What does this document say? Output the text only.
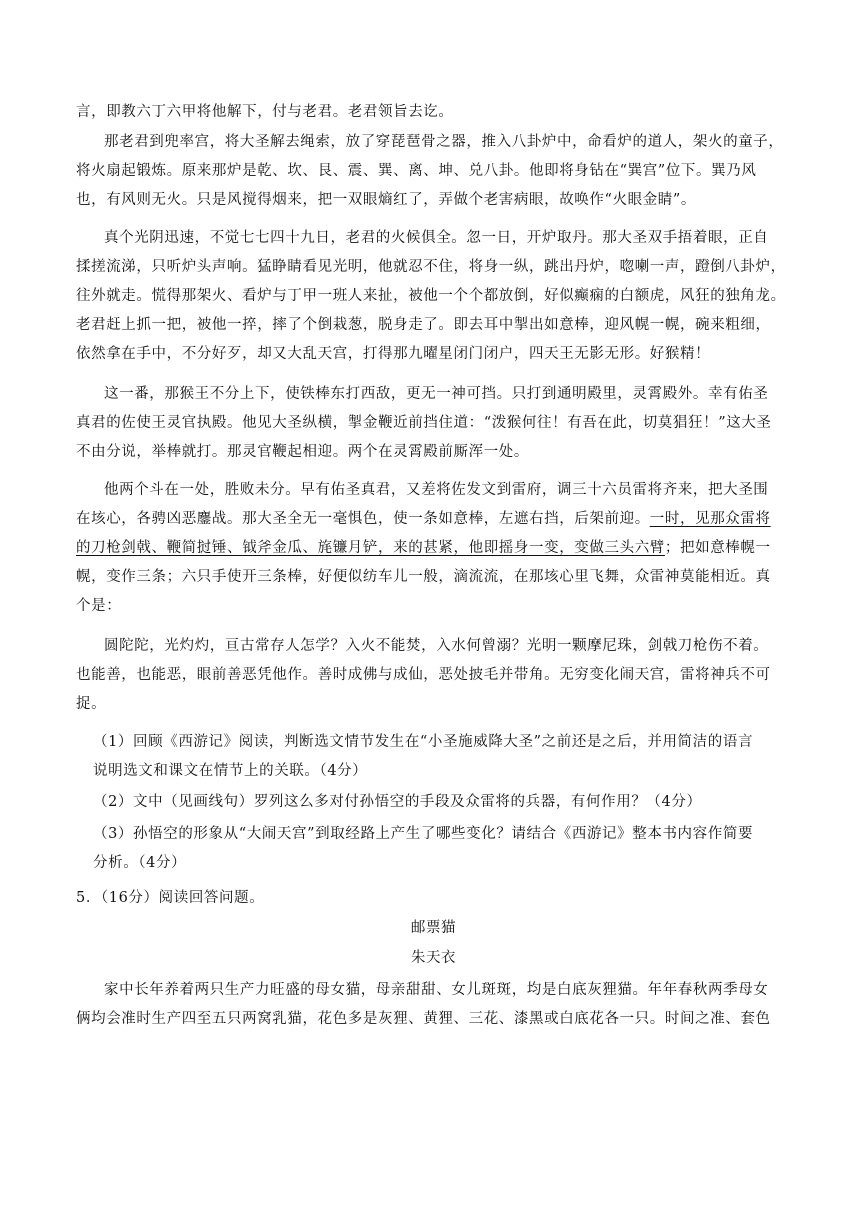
言，即教六丁六甲将他解下，付与老君。老君领旨去讫。
那老君到兜率宫，将大圣解去绳索，放了穿琵琶骨之器，推入八卦炉中，命看炉的道人，架火的童子，
将火扇起锻炼。原来那炉是乾、坎、艮、震、巽、离、坤、兑八卦。他即将身钻在“巽宫”位下。巽乃风
也，有风则无火。只是风搅得烟来，把一双眼熵红了，弄做个老害病眼，故唤作“火眼金睛”。
真个光阴迅速，不觉七七四十九日，老君的火候俱全。忽一日，开炉取丹。那大圣双手捂着眼，正自
揉搓流涕，只听炉头声响。猛睁睛看见光明，他就忍不住，将身一纵，跳出丹炉，唿喇一声，蹬倒八卦炉，
往外就走。慌得那架火、看炉与丁甲一班人来扯，被他一个个都放倒，好似癫痫的白额虎，风狂的独角龙。
老君赶上抓一把，被他一捽，摔了个倒栽葱，脱身走了。即去耳中掣出如意棒，迎风幌一幌，碗来粗细，
依然拿在手中，不分好歹，却又大乱天宫，打得那九曜星闭门闭户，四天王无影无形。好猴精！
这一番，那猴王不分上下，使铁棒东打西敌，更无一神可挡。只打到通明殿里，灵霄殿外。幸有佑圣
真君的佐使王灵官执殿。他见大圣纵横，掣金鞭近前挡住道：“泼猴何往！有吾在此，切莫猖狂！”这大圣
不由分说，举棒就打。那灵官鞭起相迎。两个在灵霄殿前厮浑一处。
他两个斗在一处，胜败未分。早有佑圣真君，又差将佐发文到雷府，调三十六员雷将齐来，把大圣围
在垓心，各骋凶恶鏖战。那大圣全无一毫惧色，使一条如意棒，左遮右挡，后架前迎。一时，见那众雷将
的刀枪剑戟、鞭简挝锤、钺斧金瓜、旄镰月铲，来的甚紧，他即摇身一变，变做三头六臂；把如意棒幌一
幌，变作三条；六只手使开三条棒，好便似纺车儿一般，滴流流，在那垓心里飞舞，众雷神莫能相近。真
个是：
圆陀陀，光灼灼，亘古常存人怎学？入火不能焚，入水何曾溺？光明一颗摩尼珠，剑戟刀枪伤不着。
也能善，也能恶，眼前善恶凭他作。善时成佛与成仙，恶处披毛并带角。无穷变化闹天宫，雷将神兵不可
捉。
（1）回顾《西游记》阅读，判断选文情节发生在“小圣施威降大圣”之前还是之后，并用简洁的语言
说明选文和课文在情节上的关联。（4分）
（2）文中（见画线句）罗列这么多对付孙悟空的手段及众雷将的兵器，有何作用？（4分）
（3）孙悟空的形象从“大闹天宫”到取经路上产生了哪些变化？请结合《西游记》整本书内容作简要
分析。（4分）
5．（16分）阅读回答问题。
邮票猫
朱天衣
家中长年养着两只生产力旺盛的母女猫，母亲甜甜、女儿斑斑，均是白底灰狸猫。年年春秋两季母女
俩均会准时生产四至五只两窝乳猫，花色多是灰狸、黄狸、三花、漆黑或白底花各一只。时间之准、套色
